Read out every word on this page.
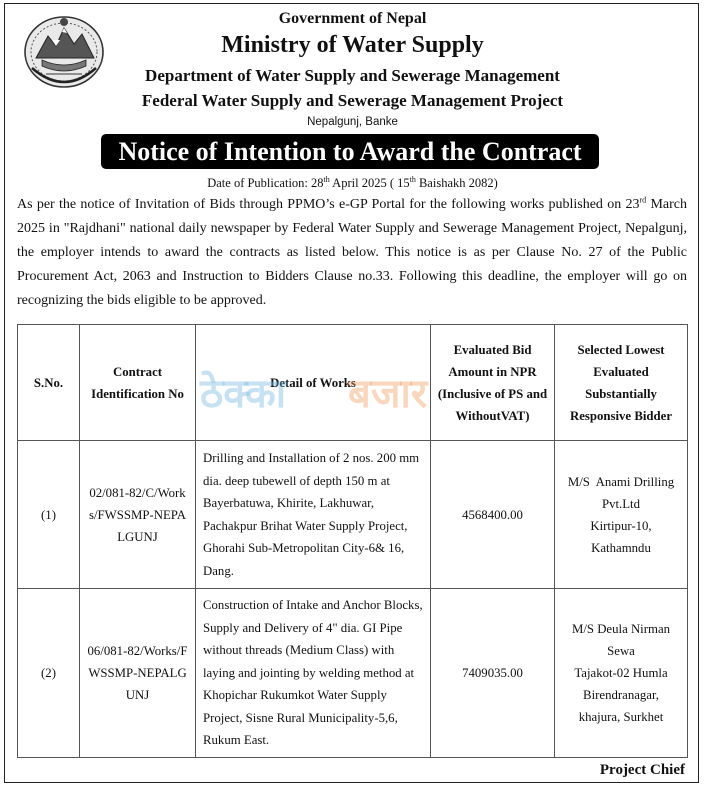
Government of Nepal
Ministry of Water Supply
Department of Water Supply and Sewerage Management
Federal Water Supply and Sewerage Management Project
Nepalgunj, Banke
Notice of Intention to Award the Contract
Date of Publication: 28th April 2025 ( 15th Baishakh 2082)
As per the notice of Invitation of Bids through PPMO’s e-GP Portal for the following works published on 23rd March 2025 in "Rajdhani" national daily newspaper by Federal Water Supply and Sewerage Management Project, Nepalgunj, the employer intends to award the contracts as listed below. This notice is as per Clause No. 27 of the Public Procurement Act, 2063 and Instruction to Bidders Clause no.33. Following this deadline, the employer will go on recognizing the bids eligible to be approved.
S.No.	Contract Identification No	Detail of Works	Evaluated Bid Amount in NPR (Inclusive of PS and WithoutVAT)	Selected Lowest Evaluated Substantially Responsive Bidder
(1)	02/081-82/C/Works/FWSSMP-NEPALGUNJ	Drilling and Installation of 2 nos. 200 mm dia. deep tubewell of depth 150 m at Bayerbatuwa, Khirite, Lakhuwar, Pachakpur Brihat Water Supply Project, Ghorahi Sub-Metropolitan City-6& 16, Dang.	4568400.00	M/S  Anami Drilling Pvt.Ltd
Kirtipur-10, Kathamndu

(2)	06/081-82/Works/FWSSMP-NEPALGUNJ	Construction of Intake and Anchor Blocks, Supply and Delivery of 4" dia. GI Pipe without threads (Medium Class) with laying and jointing by welding method at Khopichar Rukumkot Water Supply Project, Sisne Rural Municipality-5,6, Rukum East.	7409035.00	M/S Deula Nirman Sewa
Tajakot-02 Humla Birendranagar, khajura, Surkhet
ठेक्का बजार
Project Chief
